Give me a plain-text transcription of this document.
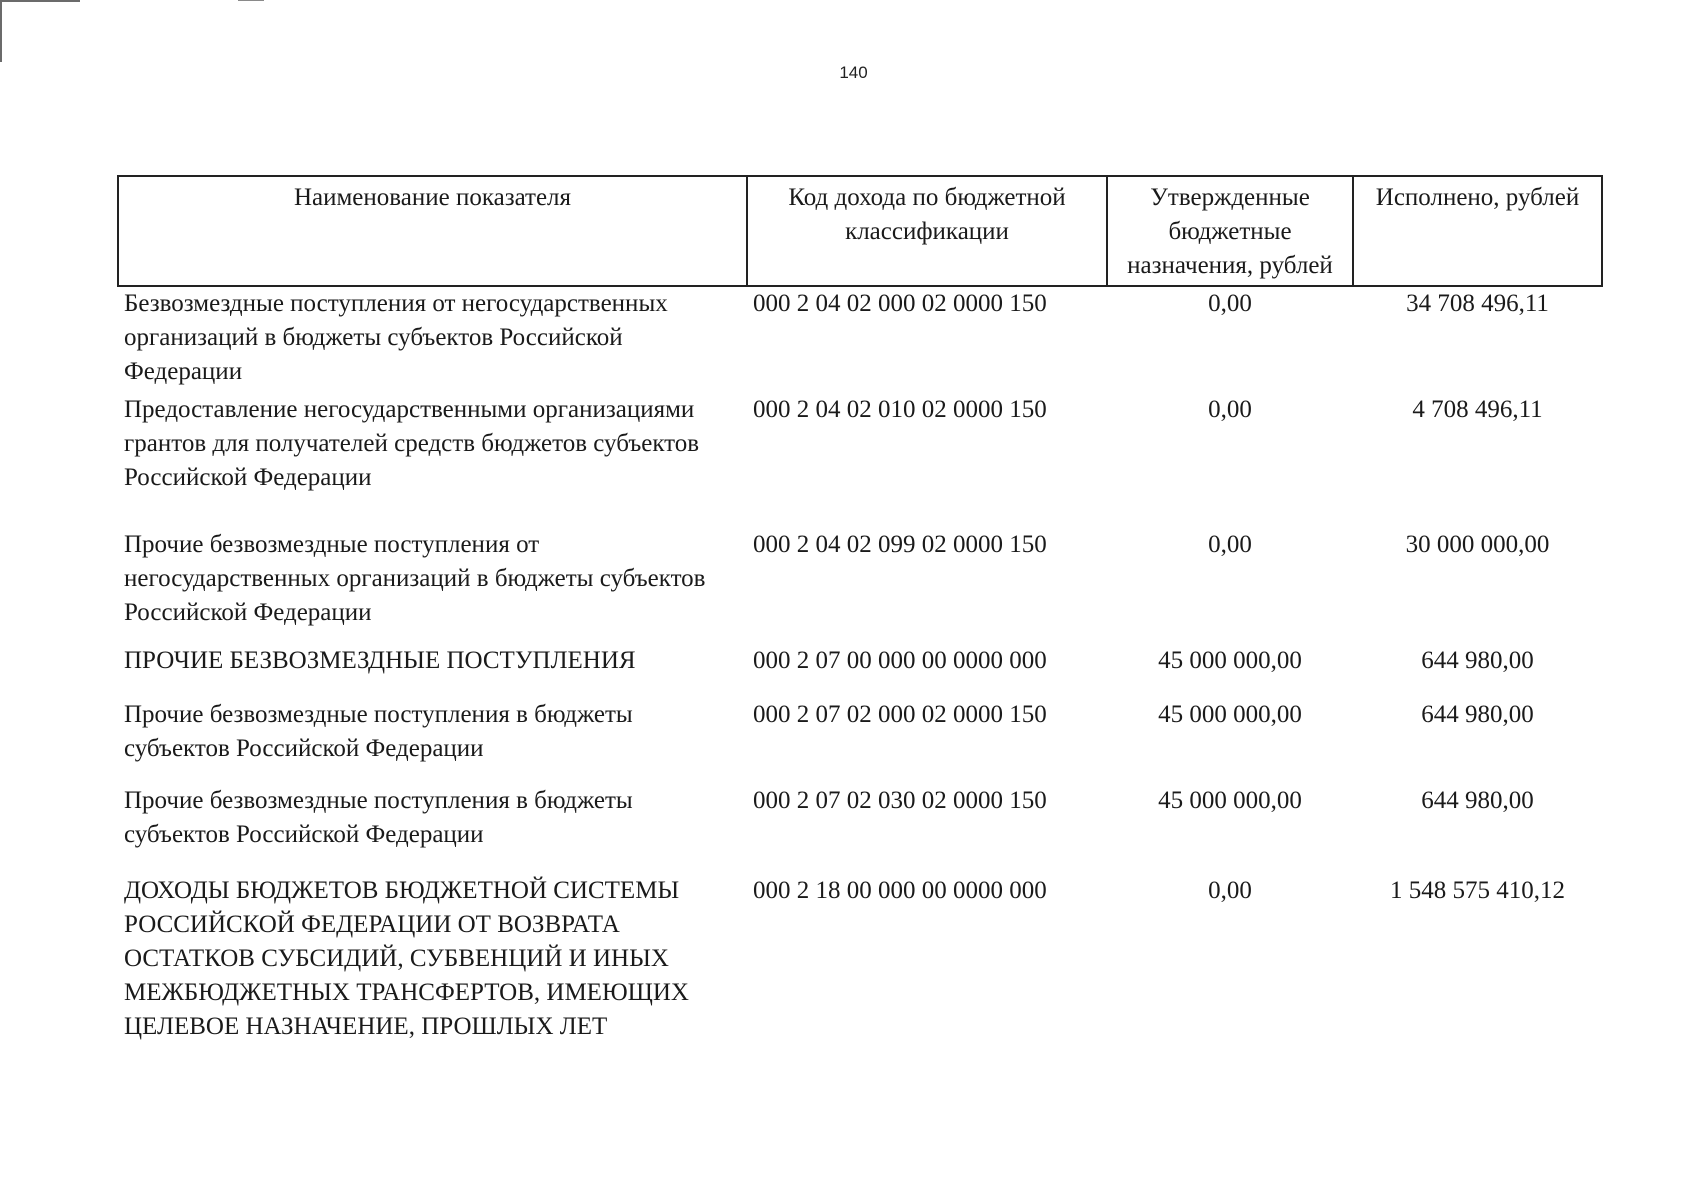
140
Наименование показателя	Код дохода по бюджетной классификации	Утвержденные бюджетные назначения, рублей	Исполнено, рублей
Безвозмездные поступления от негосударственных организаций в бюджеты субъектов Российской Федерации	000 2 04 02 000 02 0000 150	0,00	34 708 496,11
Предоставление негосударственными организациями грантов для получателей средств бюджетов субъектов Российской Федерации	000 2 04 02 010 02 0000 150	0,00	4 708 496,11
Прочие безвозмездные поступления от негосударственных организаций в бюджеты субъектов Российской Федерации	000 2 04 02 099 02 0000 150	0,00	30 000 000,00
ПРОЧИЕ БЕЗВОЗМЕЗДНЫЕ ПОСТУПЛЕНИЯ	000 2 07 00 000 00 0000 000	45 000 000,00	644 980,00
Прочие безвозмездные поступления в бюджеты субъектов Российской Федерации	000 2 07 02 000 02 0000 150	45 000 000,00	644 980,00
Прочие безвозмездные поступления в бюджеты субъектов Российской Федерации	000 2 07 02 030 02 0000 150	45 000 000,00	644 980,00
ДОХОДЫ БЮДЖЕТОВ БЮДЖЕТНОЙ СИСТЕМЫ РОССИЙСКОЙ ФЕДЕРАЦИИ ОТ ВОЗВРАТА ОСТАТКОВ СУБСИДИЙ, СУБВЕНЦИЙ И ИНЫХ МЕЖБЮДЖЕТНЫХ ТРАНСФЕРТОВ, ИМЕЮЩИХ ЦЕЛЕВОЕ НАЗНАЧЕНИЕ, ПРОШЛЫХ ЛЕТ	000 2 18 00 000 00 0000 000	0,00	1 548 575 410,12
